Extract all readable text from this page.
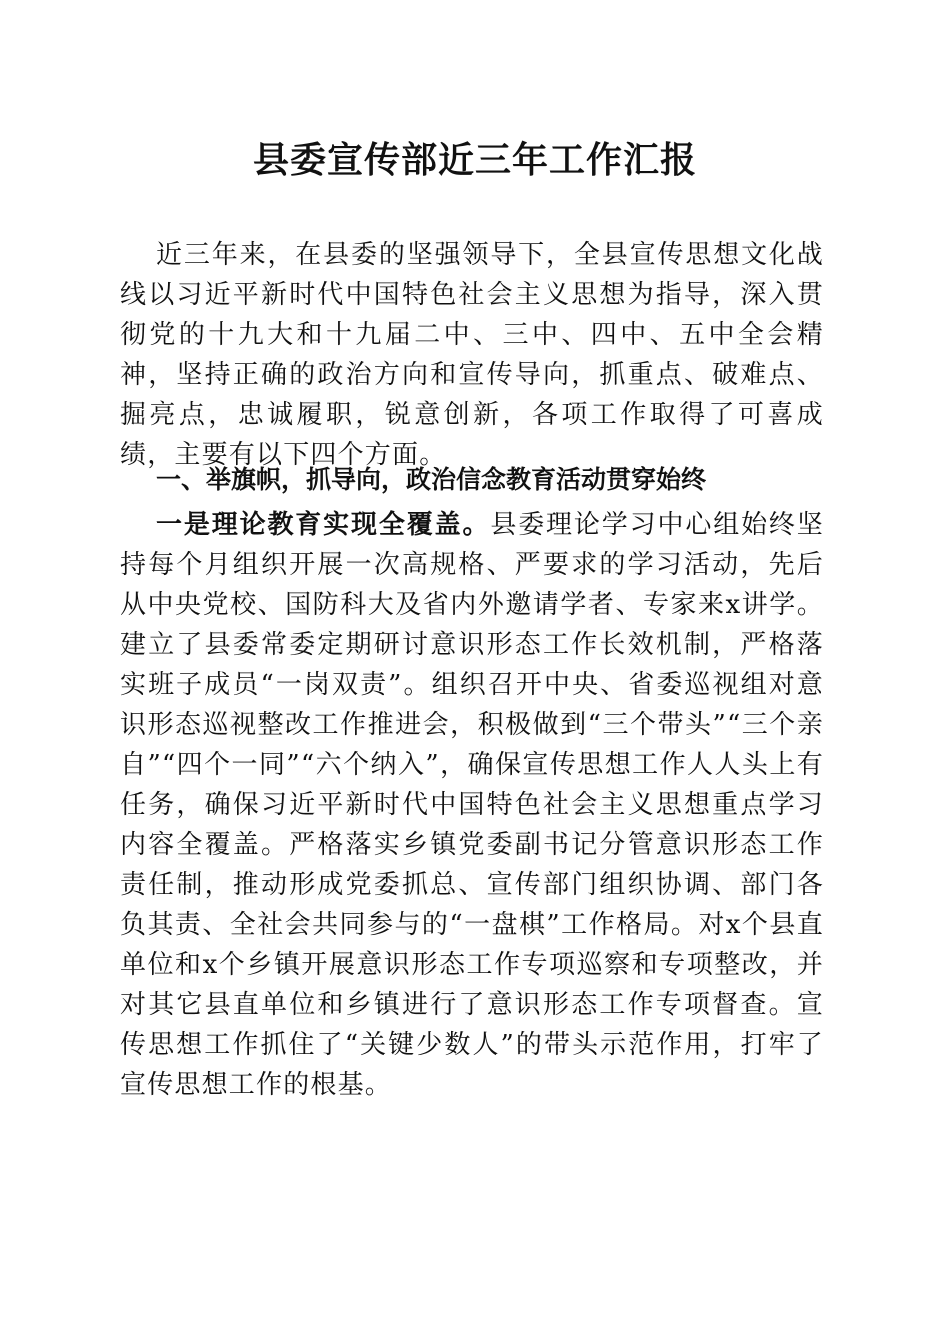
县委宣传部近三年工作汇报

近三年来，在县委的坚强领导下，全县宣传思想文化战线以习近平新时代中国特色社会主义思想为指导，深入贯彻党的十九大和十九届二中、三中、四中、五中全会精神，坚持正确的政治方向和宣传导向，抓重点、破难点、掘亮点，忠诚履职，锐意创新，各项工作取得了可喜成绩，主要有以下四个方面。

一、举旗帜，抓导向，政治信念教育活动贯穿始终

一是理论教育实现全覆盖。县委理论学习中心组始终坚持每个月组织开展一次高规格、严要求的学习活动，先后从中央党校、国防科大及省内外邀请学者、专家来x讲学。建立了县委常委定期研讨意识形态工作长效机制，严格落实班子成员“一岗双责”。组织召开中央、省委巡视组对意识形态巡视整改工作推进会，积极做到“三个带头”“三个亲自”“四个一同”“六个纳入”，确保宣传思想工作人人头上有任务，确保习近平新时代中国特色社会主义思想重点学习内容全覆盖。严格落实乡镇党委副书记分管意识形态工作责任制，推动形成党委抓总、宣传部门组织协调、部门各负其责、全社会共同参与的“一盘棋”工作格局。对x个县直单位和x个乡镇开展意识形态工作专项巡察和专项整改，并对其它县直单位和乡镇进行了意识形态工作专项督查。宣传思想工作抓住了“关键少数人”的带头示范作用，打牢了宣传思想工作的根基。
